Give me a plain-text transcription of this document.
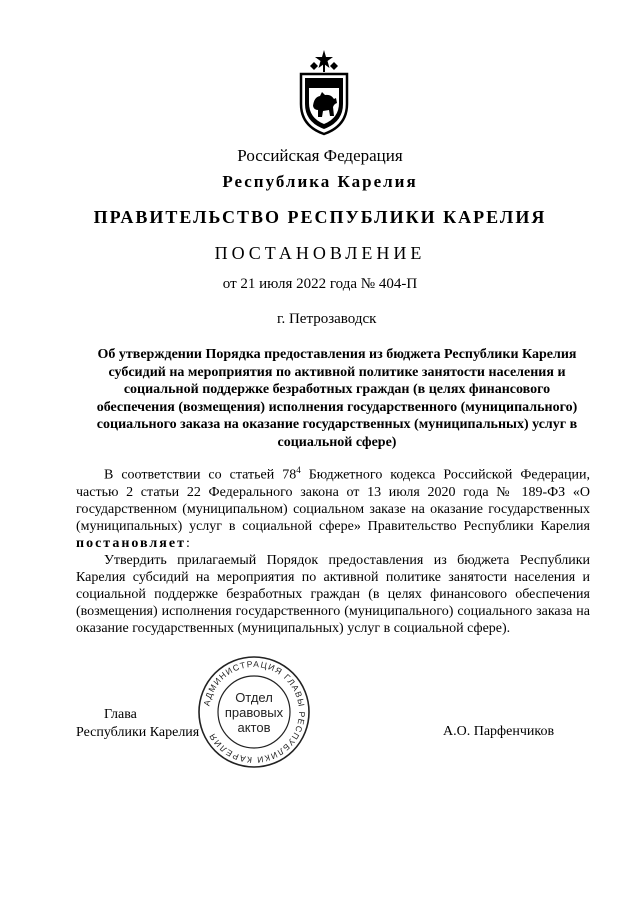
Российская Федерация
Республика Карелия
ПРАВИТЕЛЬСТВО РЕСПУБЛИКИ КАРЕЛИЯ
ПОСТАНОВЛЕНИЕ
от 21 июля 2022 года № 404-П
г. Петрозаводск
Об утверждении Порядка предоставления из бюджета Республики Карелия субсидий на мероприятия по активной политике занятости населения и социальной поддержке безработных граждан (в целях финансового обеспечения (возмещения) исполнения государственного (муниципального) социального заказа на оказание государственных (муниципальных) услуг в социальной сфере)

В соответствии со статьей $78^4$ Бюджетного кодекса Российской Федерации, частью 2 статьи 22 Федерального закона от 13 июля 2020 года № 189-ФЗ «О государственном (муниципальном) социальном заказе на оказание государственных (муниципальных) услуг в социальной сфере» Правительство Республики Карелия постановляет:

Утвердить прилагаемый Порядок предоставления из бюджета Республики Карелия субсидий на мероприятия по активной политике занятости населения и социальной поддержке безработных граждан (в целях финансового обеспечения (возмещения) исполнения государственного (муниципального) социального заказа на оказание государственных (муниципальных) услуг в социальной сфере).

Глава
Республики Карелия	А.О. Парфенчиков
АДМИНИСТРАЦИЯ ГЛАВЫ РЕСПУБЛИКИ КАРЕЛИЯ
Отдел
правовых
актов
